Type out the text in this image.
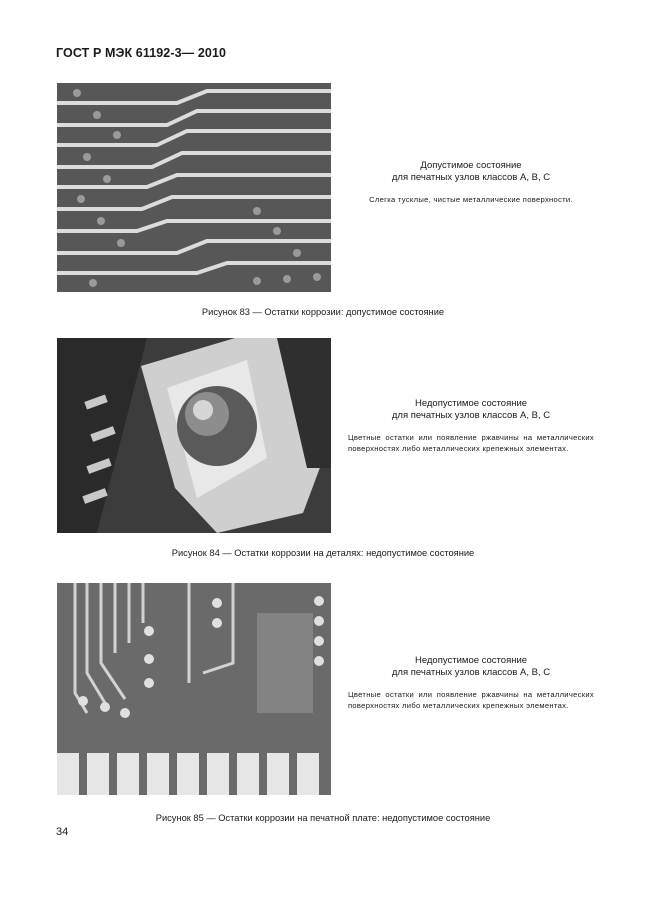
ГОСТ Р МЭК 61192-3— 2010
Допустимое состояние
для печатных узлов классов А, В, С
Слегка тусклые, чистые металлические поверхности.
Рисунок 83 — Остатки коррозии: допустимое состояние
Недопустимое состояние
для печатных узлов классов А, В, С
Цветные остатки или появление ржавчины на металлических поверхностях либо металлических крепежных элементах.
Рисунок 84 — Остатки коррозии на деталях: недопустимое состояние
Недопустимое состояние
для печатных узлов классов А, В, С
Цветные остатки или появление ржавчины на металлических поверхностях либо металлических крепежных элементах.
Рисунок 85 — Остатки коррозии на печатной плате: недопустимое состояние
34
